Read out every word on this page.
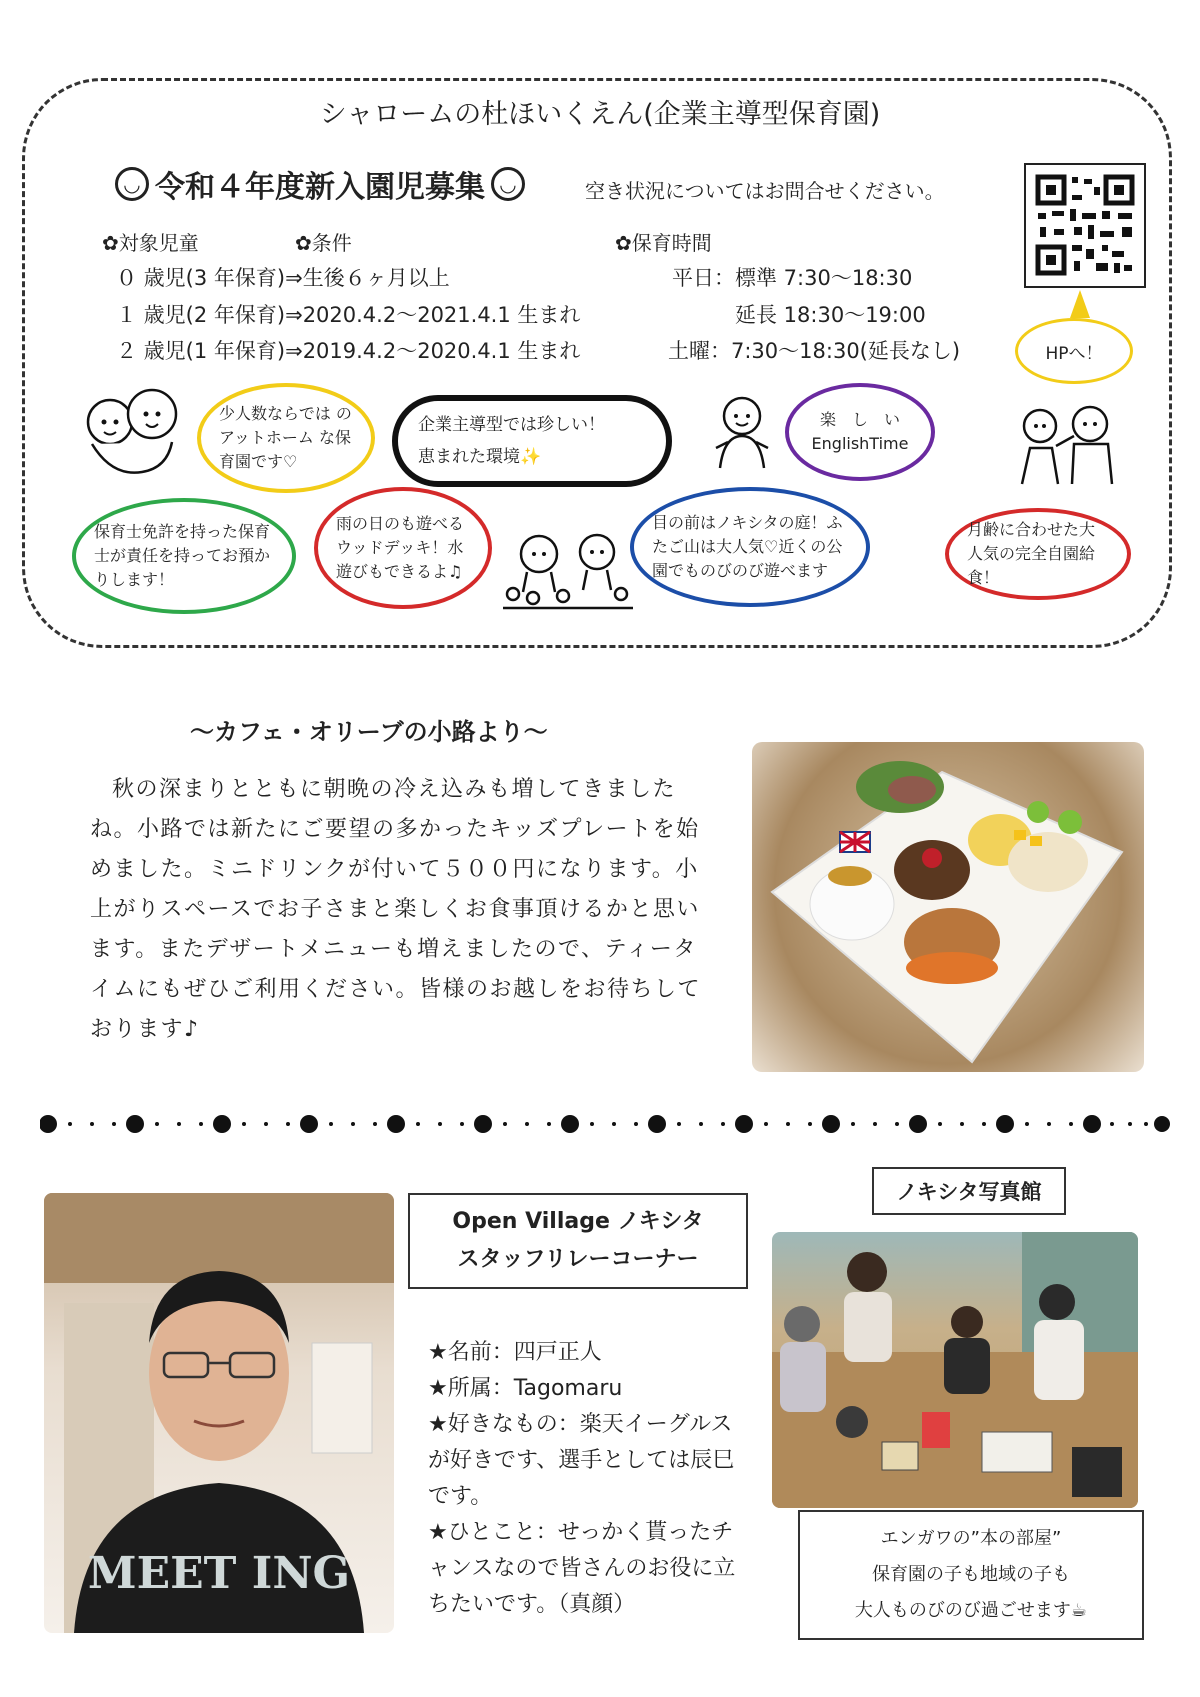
シャロームの杜ほいくえん(企業主導型保育園)
◡ 令和４年度新入園児募集 ◡	空き状況についてはお問合せください。
HPへ！
✿対象児童	✿条件	✿保育時間
０ 歳児(3 年保育)⇒生後６ヶ月以上
１ 歳児(2 年保育)⇒2020.4.2～2021.4.1 生まれ
２ 歳児(1 年保育)⇒2019.4.2～2020.4.1 生まれ
平日：標準 7:30～18:30
延長 18:30～19:00
土曜：7:30～18:30(延長なし)
少人数ならでは のアットホーム な保育園です♡
企業主導型では珍しい！
恵まれた環境✨
楽　し　い
EnglishTime
保育士免許を持った保育士が責任を持ってお預かりします！
雨の日のも遊べるウッドデッキ！水遊びもできるよ♫
目の前はノキシタの庭！ふたご山は大人気♡近くの公園でものびのび遊べます
月齢に合わせた大人気の完全自園給食！
～カフェ・オリーブの小路より～
秋の深まりとともに朝晩の冷え込みも増してきましたね。小路では新たにご要望の多かったキッズプレートを始めました。ミニドリンクが付いて５００円になります。小上がりスペースでお子さまと楽しくお食事頂けるかと思います。またデザートメニューも増えましたので、ティータイムにもぜひご利用ください。皆様のお越しをお待ちしております♪
MEET ING
Open Village ノキシタ
スタッフリレーコーナー
★名前：四戸正人
★所属：Tagomaru
★好きなもの：楽天イーグルスが好きです、選手としては辰巳です。
★ひとこと：せっかく貰ったチャンスなので皆さんのお役に立ちたいです。（真顔）
ノキシタ写真館
エンガワの”本の部屋”
保育園の子も地域の子も
大人ものびのび過ごせます☕
